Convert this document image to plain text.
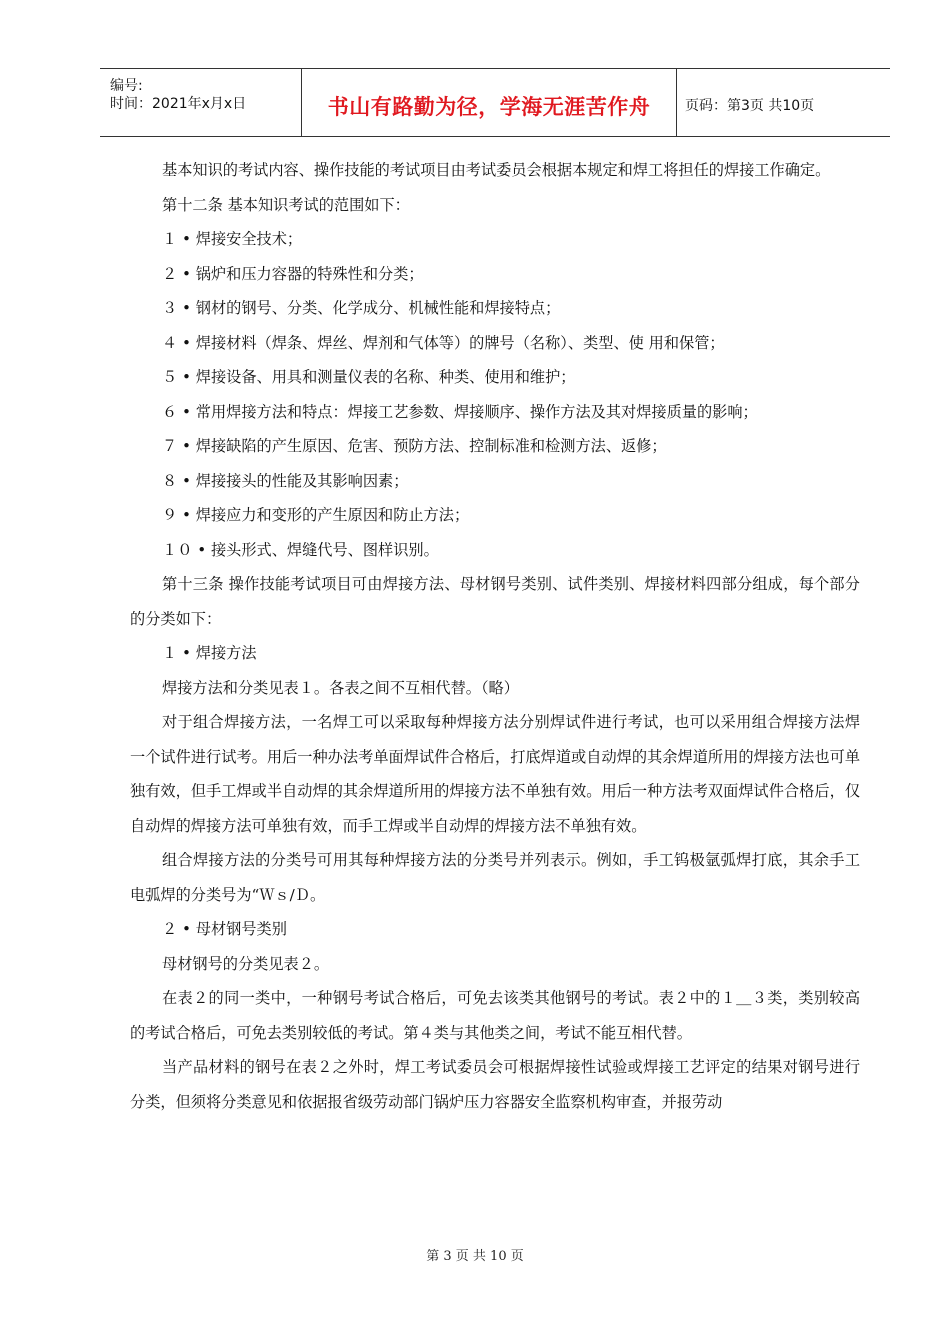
编号:
时间：2021年x月x日	书山有路勤为径，学海无涯苦作舟	页码：第3页 共10页

基本知识的考试内容、操作技能的考试项目由考试委员会根据本规定和焊工将担任的焊接工作确定。

第十二条 基本知识考试的范围如下：

１ • 焊接安全技术；

２ • 锅炉和压力容器的特殊性和分类；

３ • 钢材的钢号、分类、化学成分、机械性能和焊接特点；

４ • 焊接材料（焊条、焊丝、焊剂和气体等）的牌号（名称）、类型、使 用和保管；

５ • 焊接设备、用具和测量仪表的名称、种类、使用和维护；

６ • 常用焊接方法和特点：焊接工艺参数、焊接顺序、操作方法及其对焊接质量的影响；

７ • 焊接缺陷的产生原因、危害、预防方法、控制标准和检测方法、返修；

８ • 焊接接头的性能及其影响因素；

９ • 焊接应力和变形的产生原因和防止方法；

１０ • 接头形式、焊缝代号、图样识别。

第十三条 操作技能考试项目可由焊接方法、母材钢号类别、试件类别、焊接材料四部分组成，每个部分的分类如下：

１ • 焊接方法

焊接方法和分类见表１。各表之间不互相代替。（略）

对于组合焊接方法，一名焊工可以采取每种焊接方法分别焊试件进行考试，也可以采用组合焊接方法焊一个试件进行试考。用后一种办法考单面焊试件合格后，打底焊道或自动焊的其余焊道所用的焊接方法也可单独有效，但手工焊或半自动焊的其余焊道所用的焊接方法不单独有效。用后一种方法考双面焊试件合格后，仅自动焊的焊接方法可单独有效，而手工焊或半自动焊的焊接方法不单独有效。

组合焊接方法的分类号可用其每种焊接方法的分类号并列表示。例如，手工钨极氩弧焊打底，其余手工电弧焊的分类号为“Ｗｓ/Ｄ。

２ • 母材钢号类别

母材钢号的分类见表２。

在表２的同一类中，一种钢号考试合格后，可免去该类其他钢号的考试。表２中的１＿３类，类别较高的考试合格后，可免去类别较低的考试。第４类与其他类之间，考试不能互相代替。

当产品材料的钢号在表２之外时，焊工考试委员会可根据焊接性试验或焊接工艺评定的结果对钢号进行分类，但须将分类意见和依据报省级劳动部门锅炉压力容器安全监察机构审查，并报劳动

第 3 页 共 10 页
